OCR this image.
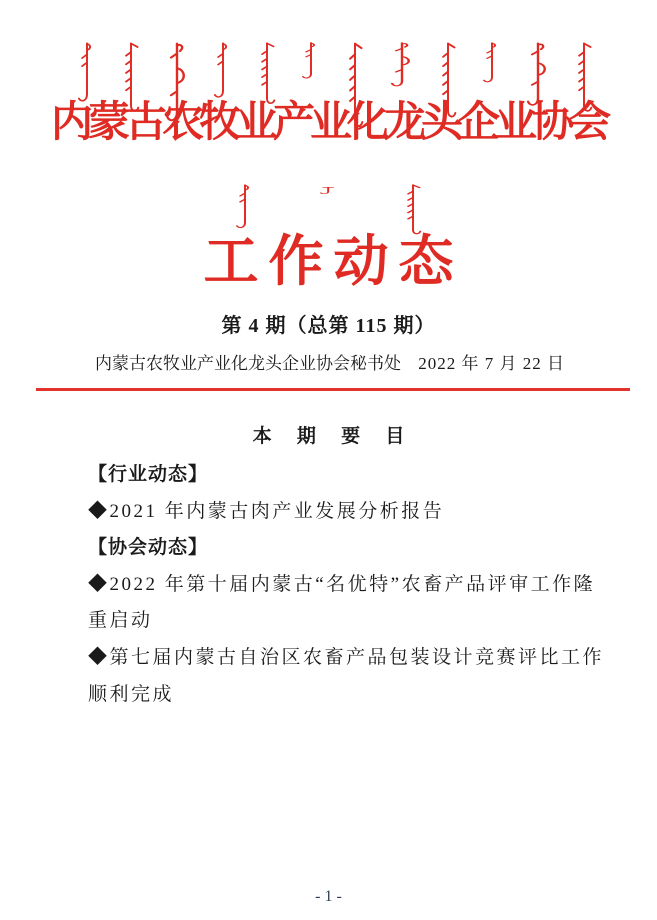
内蒙古农牧业产业化龙头企业协会
工作动态
第 4 期（总第 115 期）
内蒙古农牧业产业化龙头企业协会秘书处 2022 年 7 月 22 日
本 期 要 目
【行业动态】
◆2021 年内蒙古肉产业发展分析报告
【协会动态】
◆2022 年第十届内蒙古“名优特”农畜产品评审工作隆
重启动
◆第七届内蒙古自治区农畜产品包装设计竞赛评比工作
顺利完成
- 1 -
